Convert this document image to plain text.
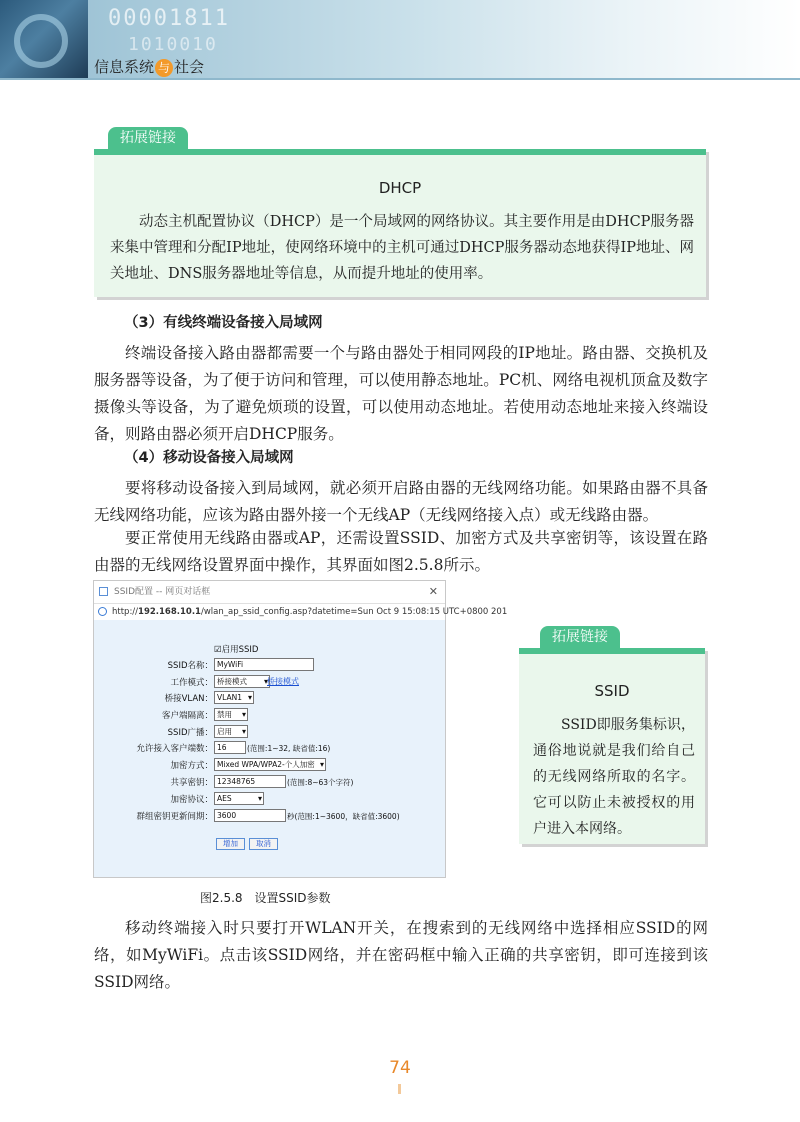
00001811
1010010
信息系统 与 社会
拓展链接
DHCP
动态主机配置协议（DHCP）是一个局域网的网络协议。其主要作用是由DHCP服务器来集中管理和分配IP地址，使网络环境中的主机可通过DHCP服务器动态地获得IP地址、网关地址、DNS服务器地址等信息，从而提升地址的使用率。
（3）有线终端设备接入局域网
终端设备接入路由器都需要一个与路由器处于相同网段的IP地址。路由器、交换机及服务器等设备，为了便于访问和管理，可以使用静态地址。PC机、网络电视机顶盒及数字摄像头等设备，为了避免烦琐的设置，可以使用动态地址。若使用动态地址来接入终端设备，则路由器必须开启DHCP服务。
（4）移动设备接入局域网
要将移动设备接入到局域网，就必须开启路由器的无线网络功能。如果路由器不具备无线网络功能，应该为路由器外接一个无线AP（无线网络接入点）或无线路由器。
要正常使用无线路由器或AP，还需设置SSID、加密方式及共享密钥等，该设置在路由器的无线网络设置界面中操作，其界面如图2.5.8所示。
SSID配置 -- 网页对话框	✕
http://192.168.10.1/wlan_ap_ssid_config.asp?datetime=Sun Oct 9 15:08:15 UTC+0800 201
☑启用SSID
SSID名称： MyWiFi
工作模式： 桥接模式 ▾	桥接模式
桥接VLAN： VLAN1 ▾
客户端隔离： 禁用 ▾
SSID广播： 启用 ▾
允许接入客户端数： 16	(范围:1~32, 缺省值:16)
加密方式： Mixed WPA/WPA2-个人加密 ▾
共享密钥： 12348765	(范围:8~63个字符)
加密协议： AES ▾
群组密钥更新间期： 3600	秒(范围:1~3600，缺省值:3600)
增加	取消
图2.5.8　设置SSID参数
拓展链接
SSID
SSID即服务集标识，通俗地说就是我们给自己的无线网络所取的名字。它可以防止未被授权的用户进入本网络。
移动终端接入时只要打开WLAN开关，在搜索到的无线网络中选择相应SSID的网络，如MyWiFi。点击该SSID网络，并在密码框中输入正确的共享密钥，即可连接到该SSID网络。
74
